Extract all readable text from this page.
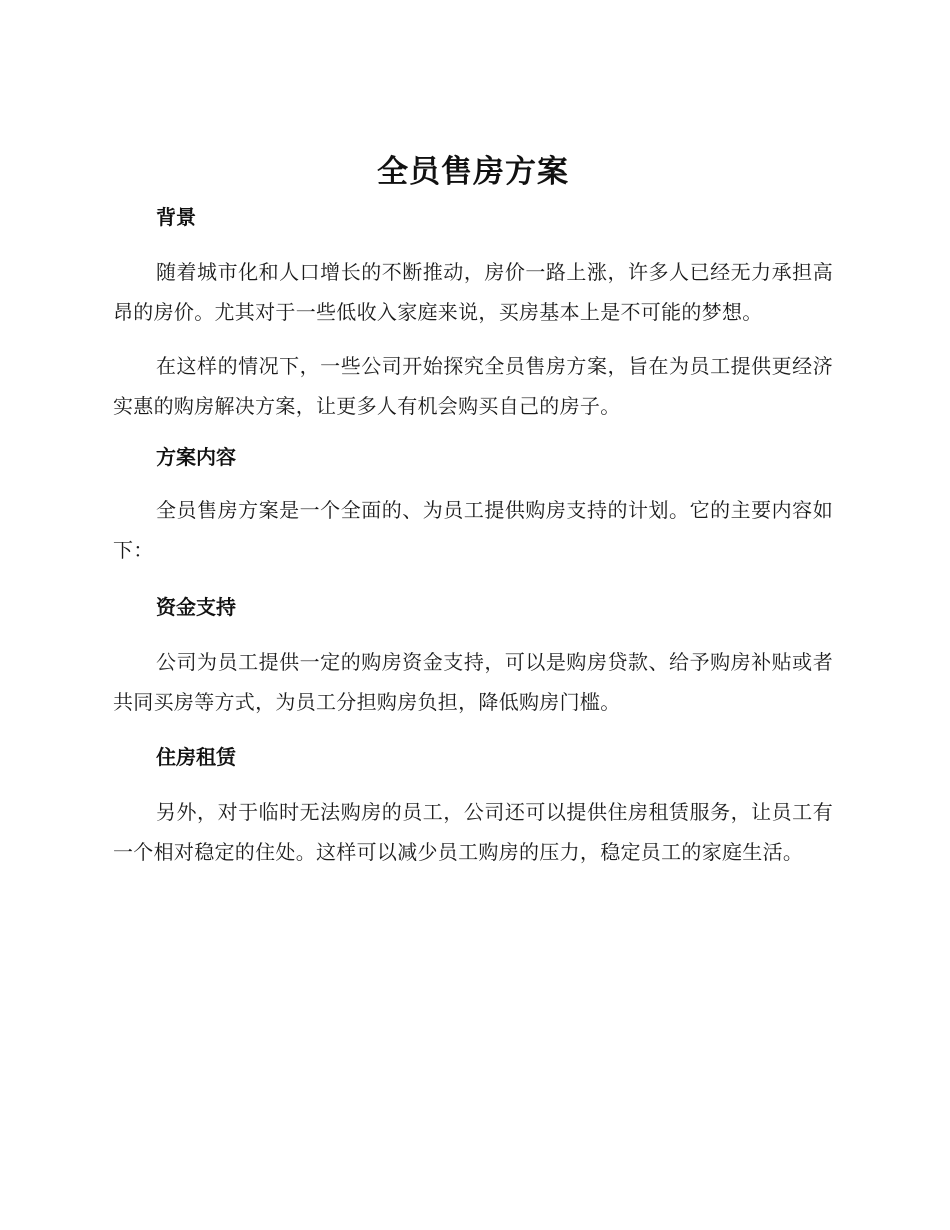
全员售房方案
背景

随着城市化和人口增长的不断推动，房价一路上涨，许多人已经无力承担高昂的房价。尤其对于一些低收入家庭来说，买房基本上是不可能的梦想。

在这样的情况下，一些公司开始探究全员售房方案，旨在为员工提供更经济实惠的购房解决方案，让更多人有机会购买自己的房子。

方案内容

全员售房方案是一个全面的、为员工提供购房支持的计划。它的主要内容如下：

资金支持

公司为员工提供一定的购房资金支持，可以是购房贷款、给予购房补贴或者共同买房等方式，为员工分担购房负担，降低购房门槛。

住房租赁

另外，对于临时无法购房的员工，公司还可以提供住房租赁服务，让员工有一个相对稳定的住处。这样可以减少员工购房的压力，稳定员工的家庭生活。
